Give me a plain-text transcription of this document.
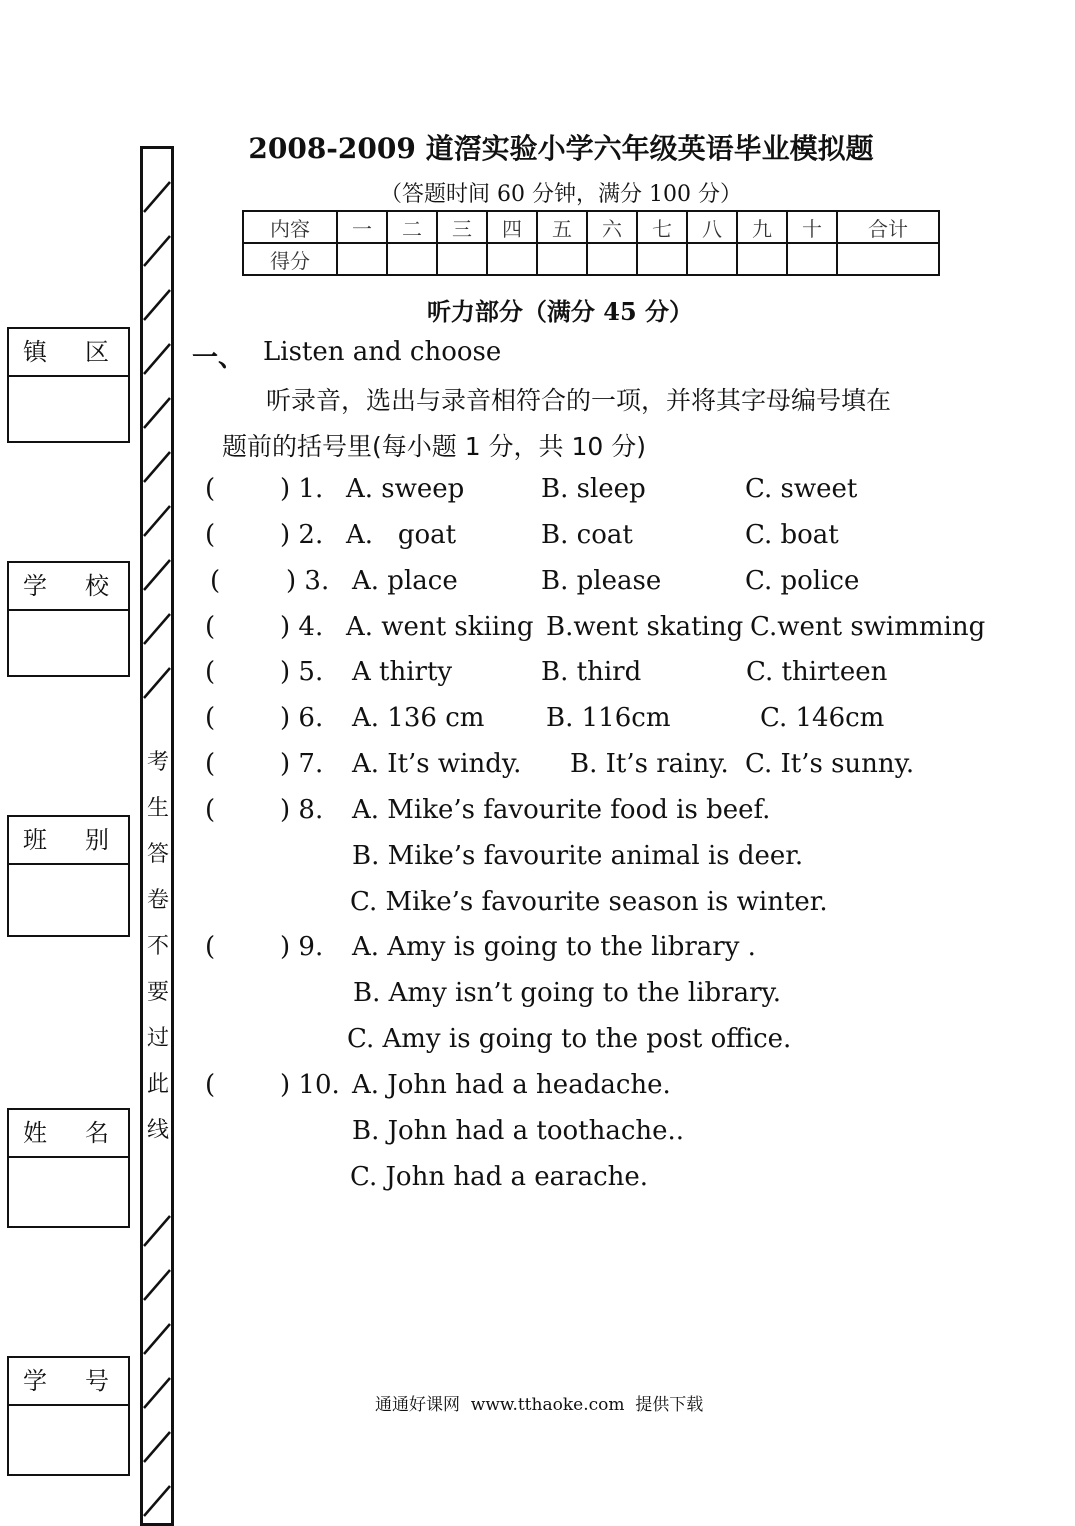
镇区
学校
班别
姓名
学号
考
生
答
卷
不
要
过
此
线
2008-2009 道滘实验小学六年级英语毕业模拟题
（答题时间 60 分钟，满分 100 分）
内容	一	二	三	四	五	六	七	八	九	十	合计
得分											
听力部分（满分 45 分）
一、 Listen and choose
听录音，选出与录音相符合的一项，并将其字母编号填在
题前的括号里(每小题 1 分，共 10 分)
( ) 1. A. sweep	B. sleep	C. sweet
( ) 2. A.   goat	B. coat	C. boat
(	) 3. A. place	B. please	C. police
( ) 4. A. went skiing B.went skating C.went swimming
( ) 5. A thirty	B. third	C. thirteen
( ) 6. A. 136 cm B. 116cm	C. 146cm
( ) 7. A. It’s windy. B. It’s rainy. C. It’s sunny.
( ) 8. A. Mike’s favourite food is beef.
B. Mike’s favourite animal is deer.
C. Mike’s favourite season is winter.
( ) 9. A. Amy is going to the library .
B. Amy isn’t going to the library.
C. Amy is going to the post office.
( ) 10. A. John had a headache.
B. John had a toothache..
C. John had a earache.
通通好课网  www.tthaoke.com  提供下载
